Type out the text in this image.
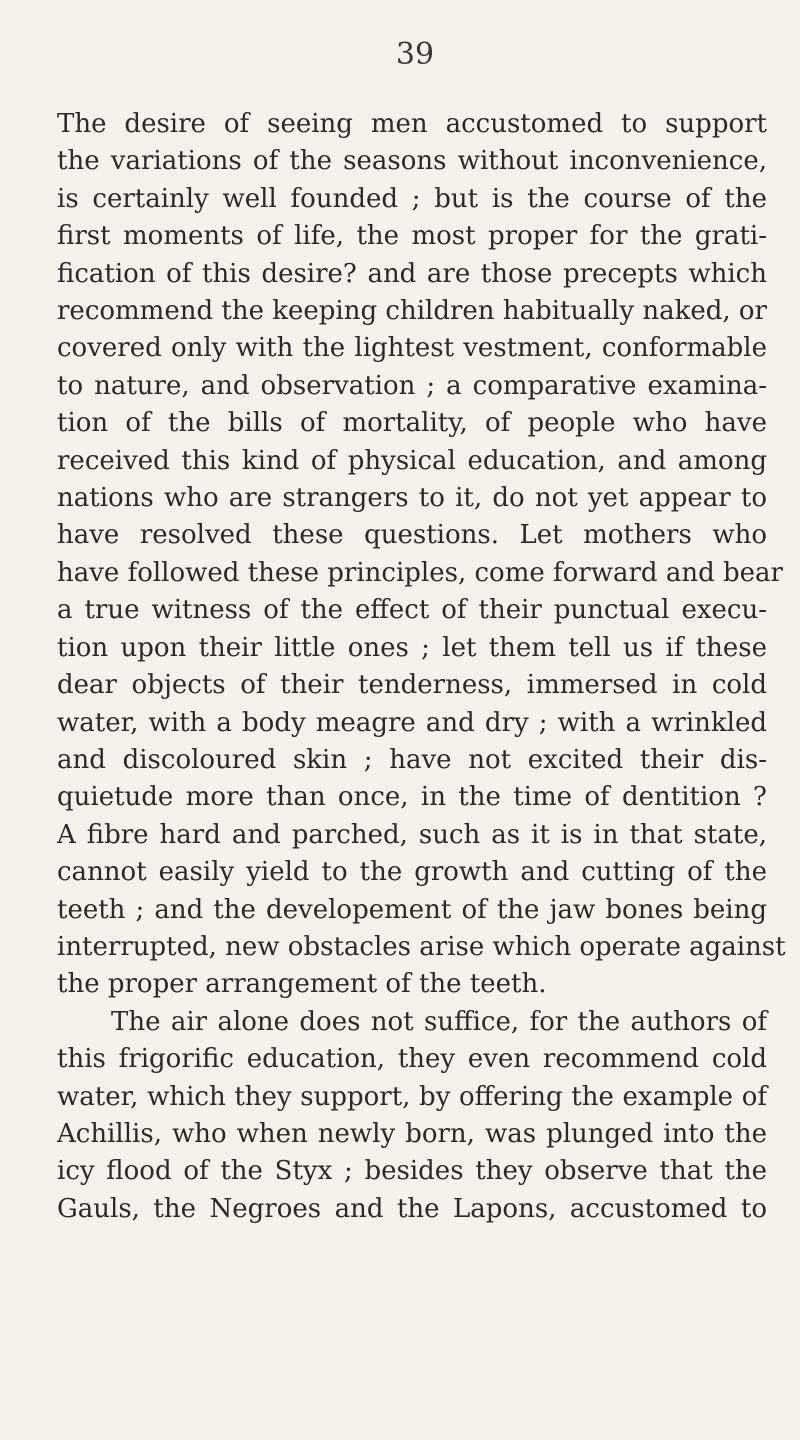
39
The desire of seeing men accustomed to support
the variations of the seasons without inconvenience,
is certainly well founded ; but is the course of the
first moments of life, the most proper for the grati-
fication of this desire? and are those precepts which
recommend the keeping children habitually naked, or
covered only with the lightest vestment, conformable
to nature, and observation ; a comparative examina-
tion of the bills of mortality, of people who have
received this kind of physical education, and among
nations who are strangers to it, do not yet appear to
have resolved these questions. Let mothers who
have followed these principles, come forward and bear
a true witness of the effect of their punctual execu-
tion upon their little ones ; let them tell us if these
dear objects of their tenderness, immersed in cold
water, with a body meagre and dry ; with a wrinkled
and discoloured skin ; have not excited their dis-
quietude more than once, in the time of dentition ?
A fibre hard and parched, such as it is in that state,
cannot easily yield to the growth and cutting of the
teeth ; and the developement of the jaw bones being
interrupted, new obstacles arise which operate against
the proper arrangement of the teeth.
The air alone does not suffice, for the authors of
this frigorific education, they even recommend cold
water, which they support, by offering the example of
Achillis, who when newly born, was plunged into the
icy flood of the Styx ; besides they observe that the
Gauls, the Negroes and the Lapons, accustomed to
